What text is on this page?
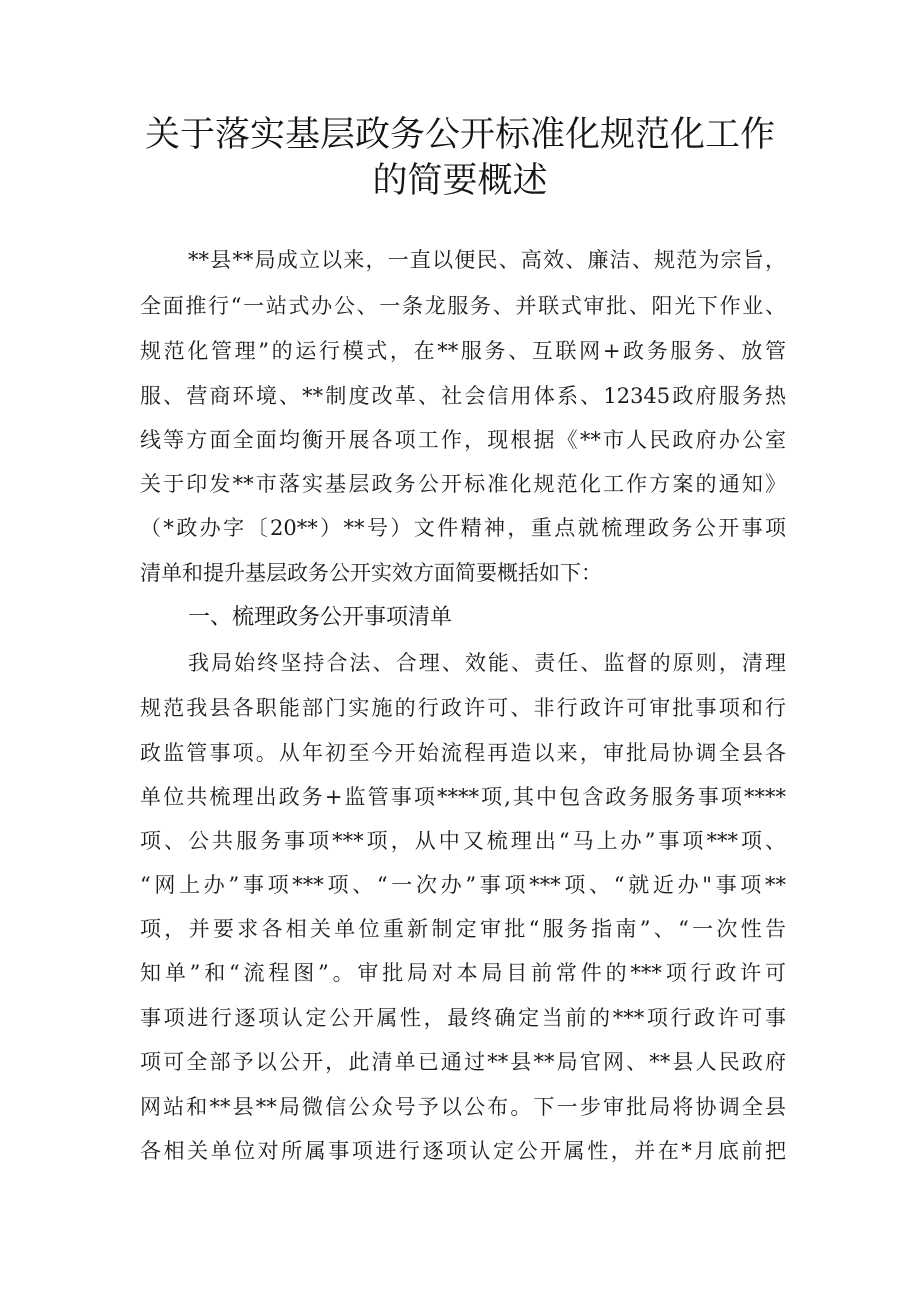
关于落实基层政务公开标准化规范化工作
的简要概述
**县**局成立以来，一直以便民、高效、廉洁、规范为宗旨，
全面推行“一站式办公、一条龙服务、并联式审批、阳光下作业、
规范化管理”的运行模式，在**服务、互联网+政务服务、放管
服、营商环境、**制度改革、社会信用体系、12345政府服务热
线等方面全面均衡开展各项工作，现根据《**市人民政府办公室
关于印发**市落实基层政务公开标准化规范化工作方案的通知》
（*政办字〔20**）**号）文件精神，重点就梳理政务公开事项
清单和提升基层政务公开实效方面简要概括如下：
一、梳理政务公开事项清单
我局始终坚持合法、合理、效能、责任、监督的原则，清理
规范我县各职能部门实施的行政许可、非行政许可审批事项和行
政监管事项。从年初至今开始流程再造以来，审批局协调全县各
单位共梳理出政务+监管事项****项,其中包含政务服务事项****
项、公共服务事项***项，从中又梳理出“马上办”事项***项、
“网上办”事项***项、“一次办”事项***项、“就近办"事项**
项，并要求各相关单位重新制定审批“服务指南”、“一次性告
知单”和“流程图”。审批局对本局目前常件的***项行政许可
事项进行逐项认定公开属性，最终确定当前的***项行政许可事
项可全部予以公开，此清单已通过**县**局官网、**县人民政府
网站和**县**局微信公众号予以公布。下一步审批局将协调全县
各相关单位对所属事项进行逐项认定公开属性，并在*月底前把
